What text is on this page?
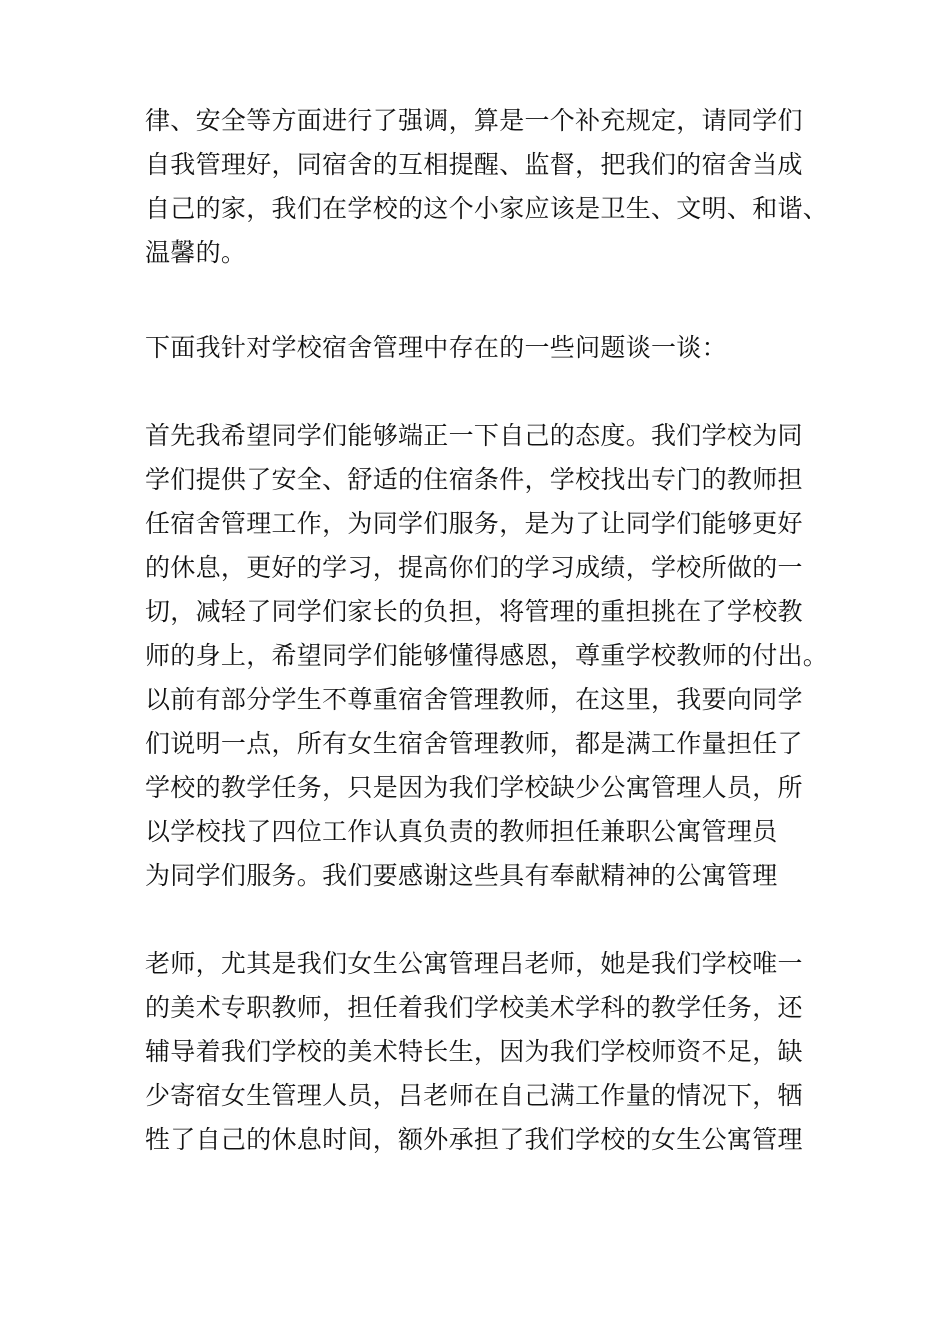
律、安全等方面进行了强调，算是一个补充规定，请同学们
自我管理好，同宿舍的互相提醒、监督，把我们的宿舍当成
自己的家，我们在学校的这个小家应该是卫生、文明、和谐、
温馨的。
下面我针对学校宿舍管理中存在的一些问题谈一谈：
首先我希望同学们能够端正一下自己的态度。我们学校为同
学们提供了安全、舒适的住宿条件，学校找出专门的教师担
任宿舍管理工作，为同学们服务，是为了让同学们能够更好
的休息，更好的学习，提高你们的学习成绩，学校所做的一
切，减轻了同学们家长的负担，将管理的重担挑在了学校教
师的身上，希望同学们能够懂得感恩，尊重学校教师的付出。
以前有部分学生不尊重宿舍管理教师，在这里，我要向同学
们说明一点，所有女生宿舍管理教师，都是满工作量担任了
学校的教学任务，只是因为我们学校缺少公寓管理人员，所
以学校找了四位工作认真负责的教师担任兼职公寓管理员
为同学们服务。我们要感谢这些具有奉献精神的公寓管理
老师，尤其是我们女生公寓管理吕老师，她是我们学校唯一
的美术专职教师，担任着我们学校美术学科的教学任务，还
辅导着我们学校的美术特长生，因为我们学校师资不足，缺
少寄宿女生管理人员，吕老师在自己满工作量的情况下，牺
牲了自己的休息时间，额外承担了我们学校的女生公寓管理
